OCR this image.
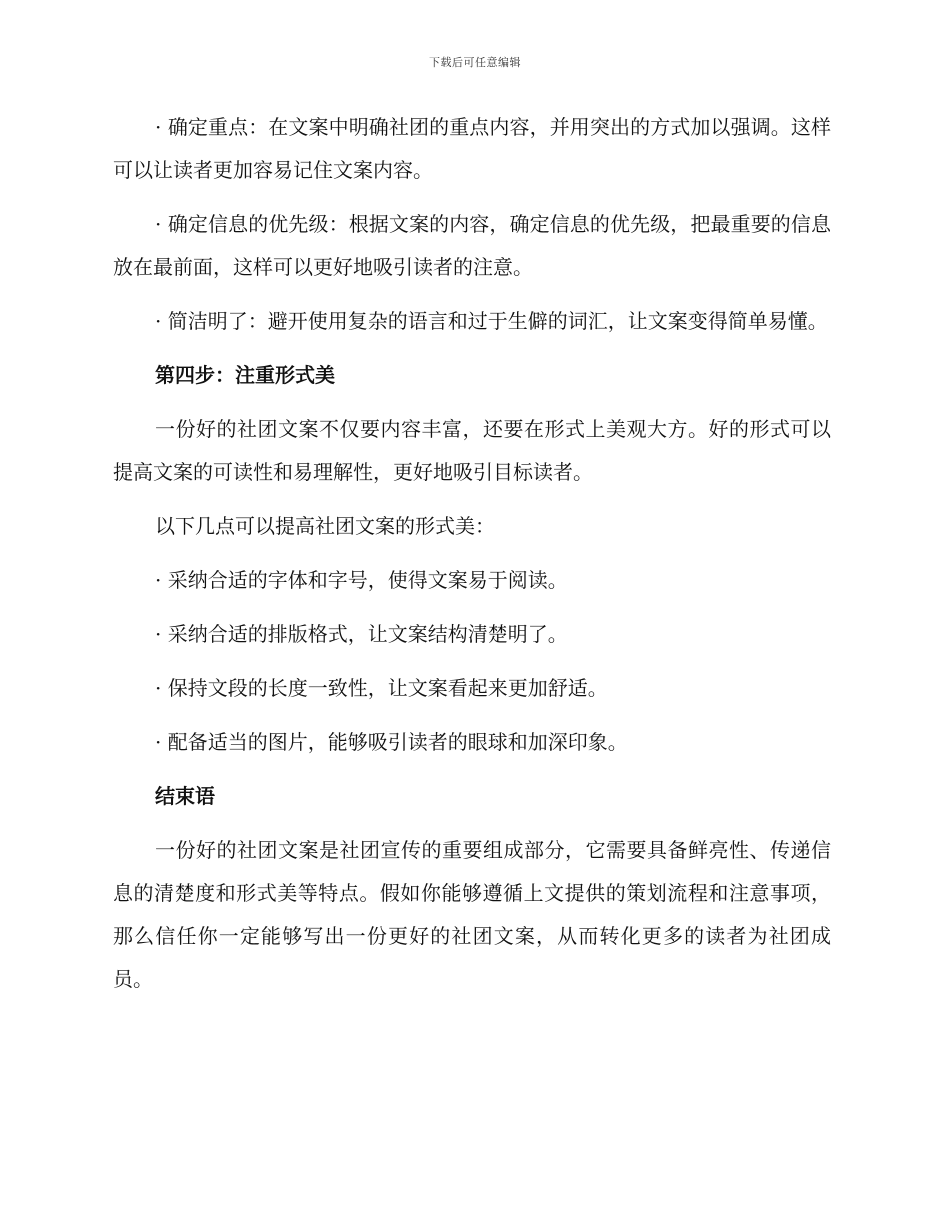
下载后可任意编辑

· 确定重点：在文案中明确社团的重点内容，并用突出的方式加以强调。这样可以让读者更加容易记住文案内容。

· 确定信息的优先级：根据文案的内容，确定信息的优先级，把最重要的信息放在最前面，这样可以更好地吸引读者的注意。

· 简洁明了：避开使用复杂的语言和过于生僻的词汇，让文案变得简单易懂。

第四步：注重形式美

一份好的社团文案不仅要内容丰富，还要在形式上美观大方。好的形式可以提高文案的可读性和易理解性，更好地吸引目标读者。

以下几点可以提高社团文案的形式美：

· 采纳合适的字体和字号，使得文案易于阅读。

· 采纳合适的排版格式，让文案结构清楚明了。

· 保持文段的长度一致性，让文案看起来更加舒适。

· 配备适当的图片，能够吸引读者的眼球和加深印象。

结束语

一份好的社团文案是社团宣传的重要组成部分，它需要具备鲜亮性、传递信息的清楚度和形式美等特点。假如你能够遵循上文提供的策划流程和注意事项，那么信任你一定能够写出一份更好的社团文案，从而转化更多的读者为社团成员。
